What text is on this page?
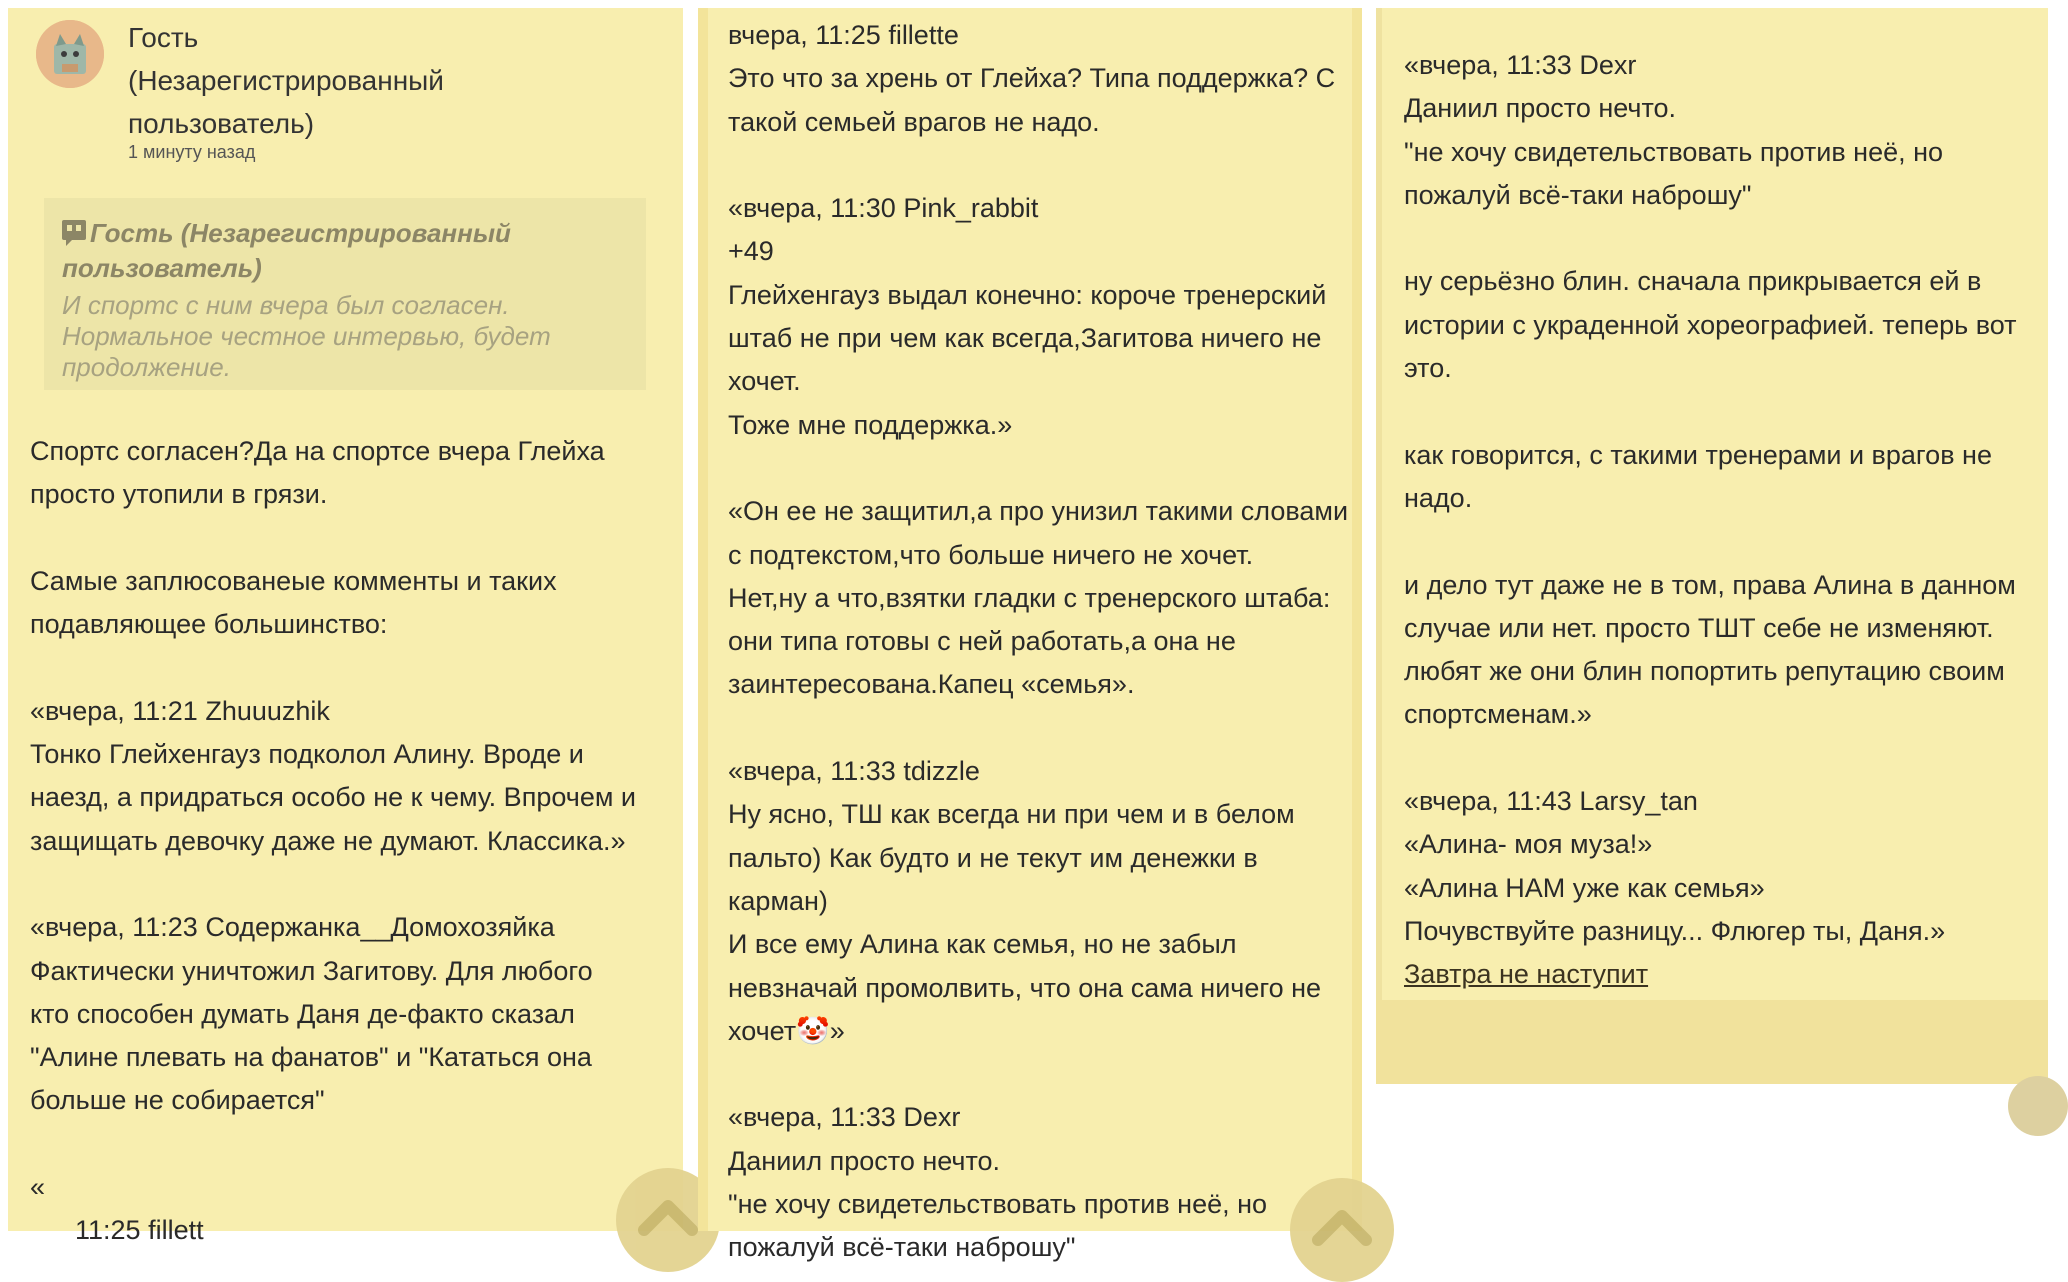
Гость
(Незарегистрированный
пользователь)

1 минуту назад

Гость (Незарегистрированный пользователь)

И спортс с ним вчера был согласен. Нормальное честное интервью, будет продолжение.

Спортс согласен?Да на спортсе вчера Глейха
просто утопили в грязи.

Самые заплюсованеые комменты и таких
подавляющее большинство:

«вчера, 11:21 Zhuuuzhik
Тонко Глейхенгауз подколол Алину. Вроде и
наезд, а придраться особо не к чему. Впрочем и
защищать девочку даже не думают. Классика.»

«вчера, 11:23 Содержанка__Домохозяйка
Фактически уничтожил Загитову. Для любого
кто способен думать Даня де-факто сказал
"Алине плевать на фанатов" и "Кататься она
больше не собирается"

«
11:25 fillett

вчера, 11:25 fillette
Это что за хрень от Глейха? Типа поддержка? С
такой семьей врагов не надо.

«вчера, 11:30 Pink_rabbit
+49
Глейхенгауз выдал конечно: короче тренерский
штаб не при чем как всегда,Загитова ничего не
хочет.
Тоже мне поддержка.»

«Он ее не защитил,а про унизил такими словами
с подтекстом,что больше ничего не хочет.
Нет,ну а что,взятки гладки с тренерского штаба:
они типа готовы с ней работать,а она не
заинтересована.Капец «семья».

«вчера, 11:33 tdizzle
Ну ясно, ТШ как всегда ни при чем и в белом
пальто) Как будто и не текут им денежки в
карман)
И все ему Алина как семья, но не забыл
невзначай промолвить, что она сама ничего не
хочет🤡»

«вчера, 11:33 Dexr
Даниил просто нечто.
"не хочу свидетельствовать против неё, но
пожалуй всё-таки наброшу"

«вчера, 11:33 Dexr
Даниил просто нечто.
"не хочу свидетельствовать против неё, но
пожалуй всё-таки наброшу"

ну серьёзно блин. сначала прикрывается ей в
истории с украденной хореографией. теперь вот
это.

как говорится, с такими тренерами и врагов не
надо.

и дело тут даже не в том, права Алина в данном
случае или нет. просто ТШТ себе не изменяют.
любят же они блин попортить репутацию своим
спортсменам.»

«вчера, 11:43 Larsy_tan
«Алина- моя муза!»
«Алина НАМ уже как семья»
Почувствуйте разницу... Флюгер ты, Даня.»

Завтра не наступит
